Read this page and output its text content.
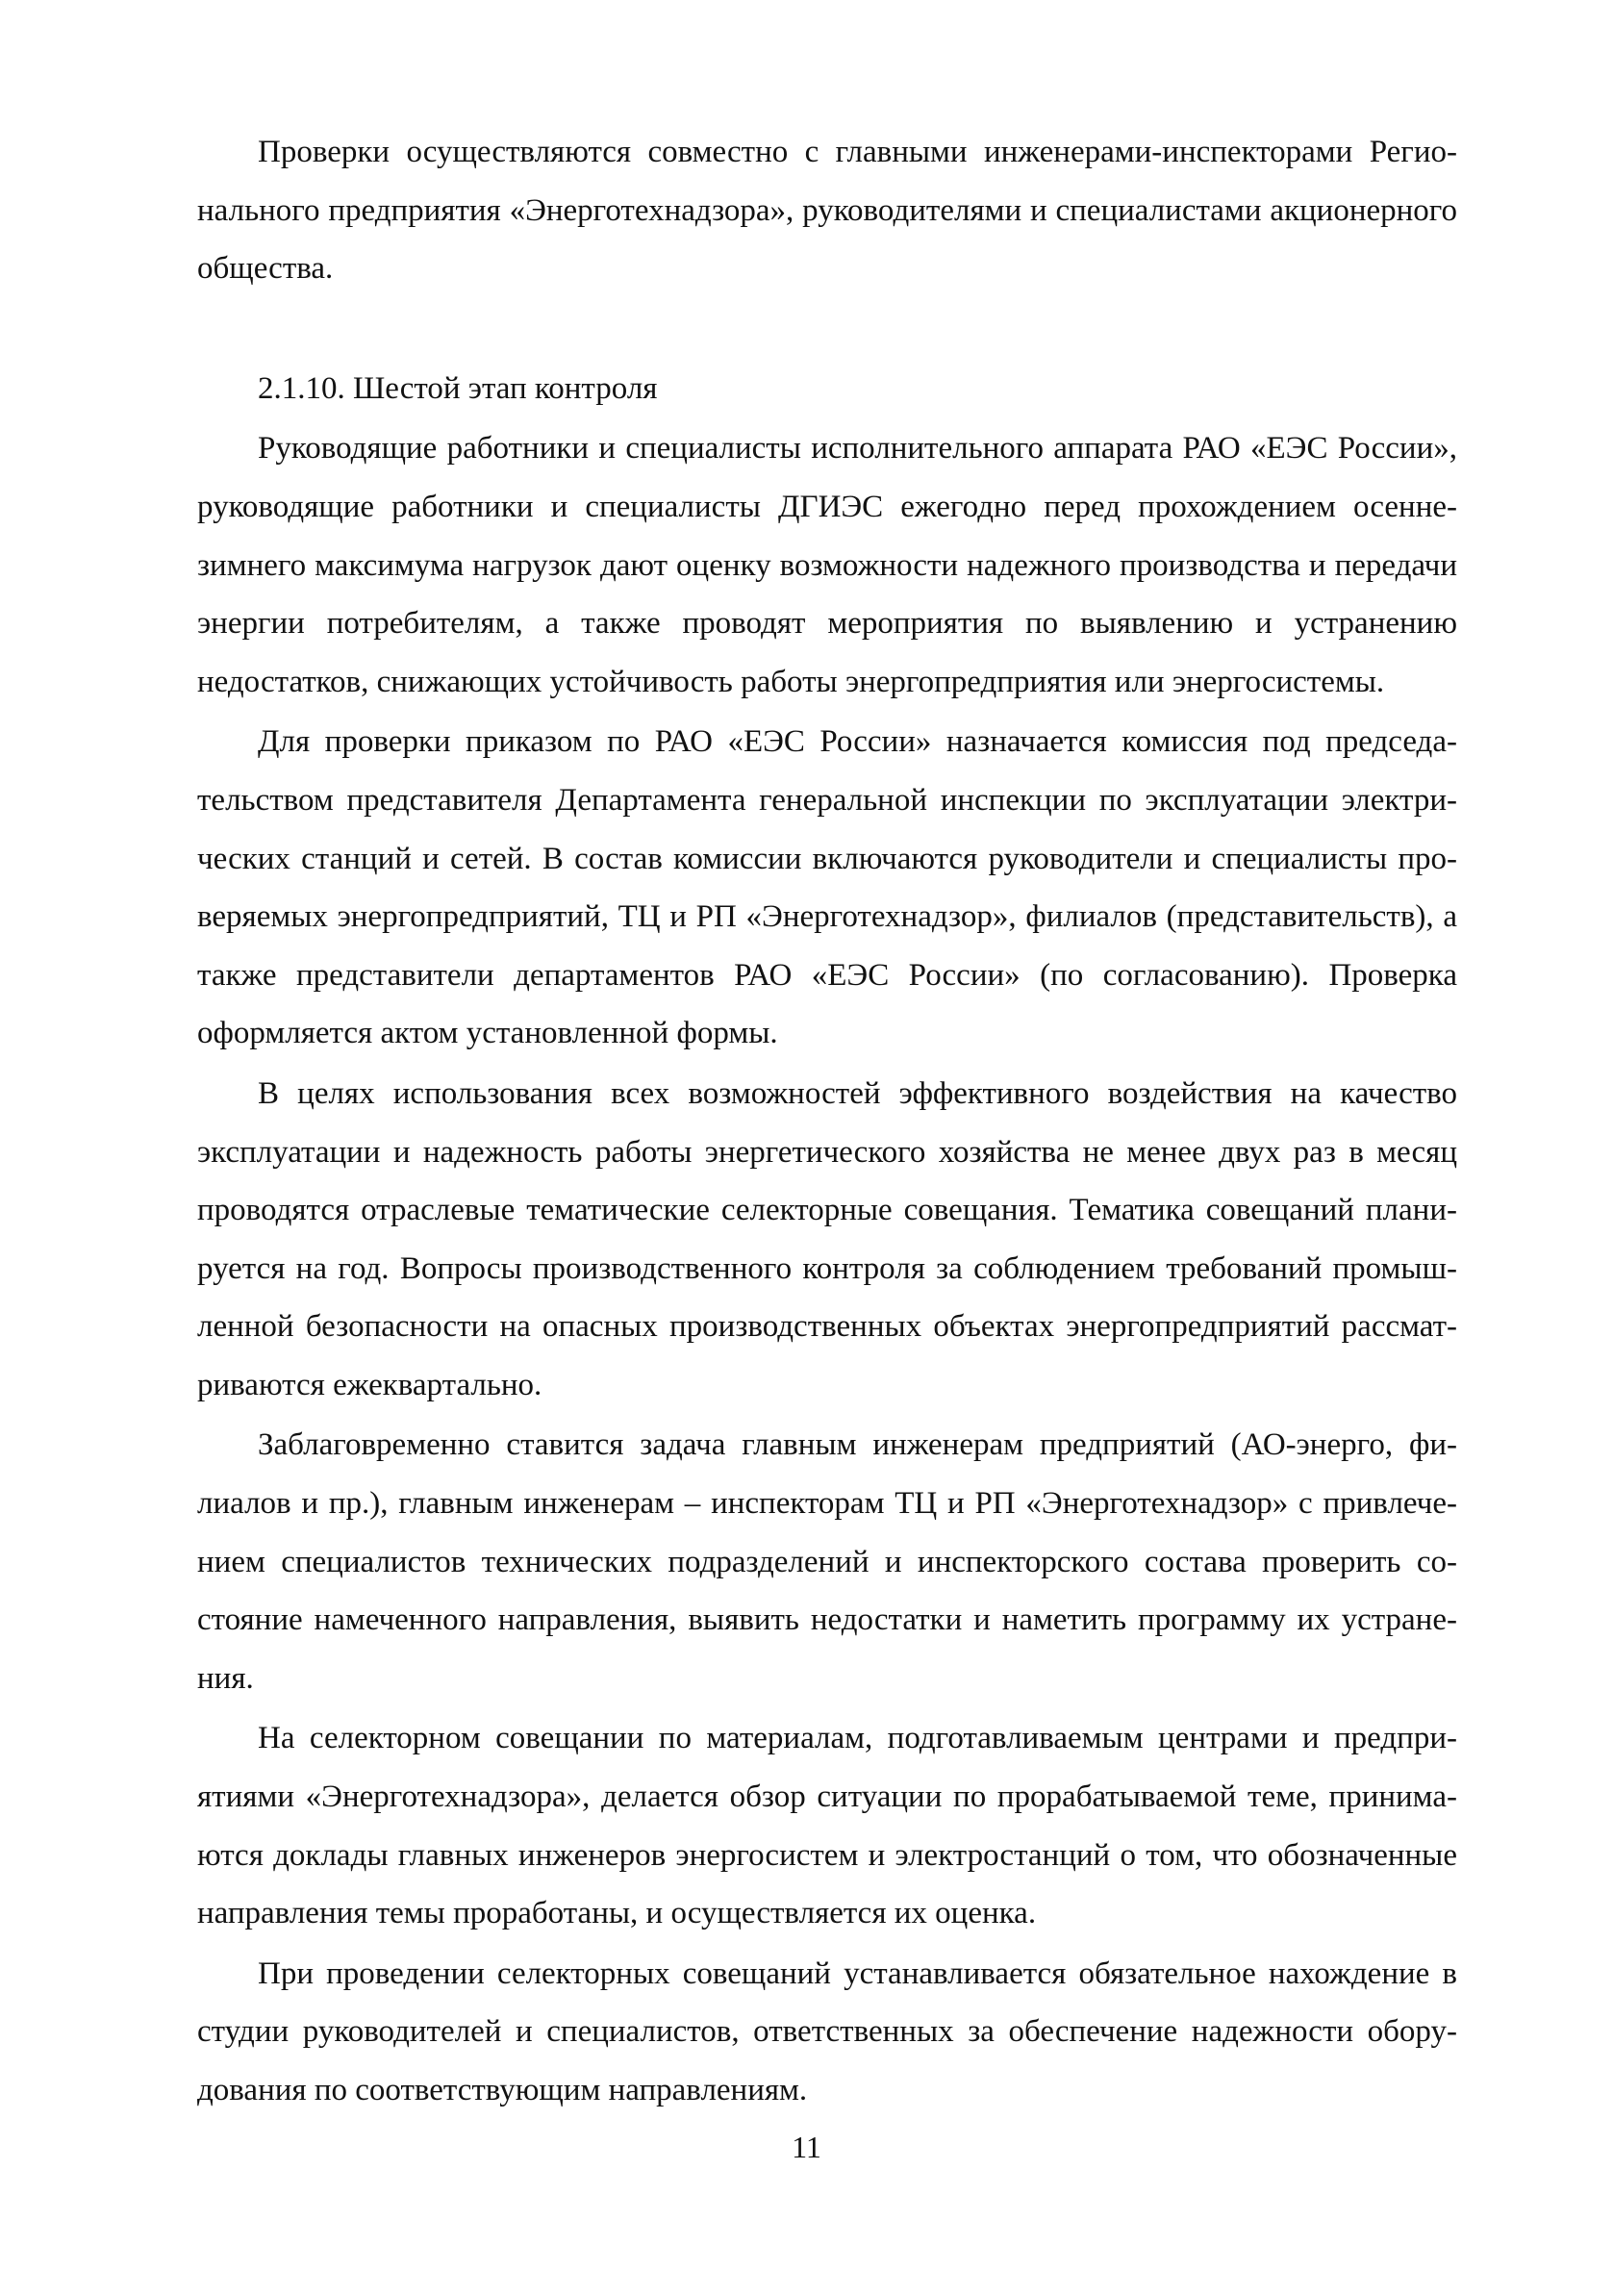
Проверки осуществляются совместно с главными инженерами-инспекторами Регионального предприятия «Энерготехнадзора», руководителями и специалистами акционерного общества.

2.1.10. Шестой этап контроля

Руководящие работники и специалисты исполнительного аппарата РАО «ЕЭС России», руководящие работники и специалисты ДГИЭС ежегодно перед прохождением осенне-зимнего максимума нагрузок дают оценку возможности надежного производства и передачи энергии потребителям, а также проводят мероприятия по выявлению и устранению недостатков, снижающих устойчивость работы энергопредприятия или энергосистемы.

Для проверки приказом по РАО «ЕЭС России» назначается комиссия под председательством представителя Департамента генеральной инспекции по эксплуатации электрических станций и сетей. В состав комиссии включаются руководители и специалисты проверяемых энергопредприятий, ТЦ и РП «Энерготехнадзор», филиалов (представительств), а также представители департаментов РАО «ЕЭС России» (по согласованию). Проверка оформляется актом установленной формы.

В целях использования всех возможностей эффективного воздействия на качество эксплуатации и надежность работы энергетического хозяйства не менее двух раз в месяц проводятся отраслевые тематические селекторные совещания. Тематика совещаний планируется на год. Вопросы производственного контроля за соблюдением требований промышленной безопасности на опасных производственных объектах энергопредприятий рассматриваются ежеквартально.

Заблаговременно ставится задача главным инженерам предприятий (АО-энерго, филиалов и пр.), главным инженерам – инспекторам ТЦ и РП «Энерготехнадзор» с привлечением специалистов технических подразделений и инспекторского состава проверить состояние намеченного направления, выявить недостатки и наметить программу их устранения.

На селекторном совещании по материалам, подготавливаемым центрами и предприятиями «Энерготехнадзора», делается обзор ситуации по прорабатываемой теме, принимаются доклады главных инженеров энергосистем и электростанций о том, что обозначенные направления темы проработаны, и осуществляется их оценка.

При проведении селекторных совещаний устанавливается обязательное нахождение в студии руководителей и специалистов, ответственных за обеспечение надежности оборудования по соответствующим направлениям.

11
